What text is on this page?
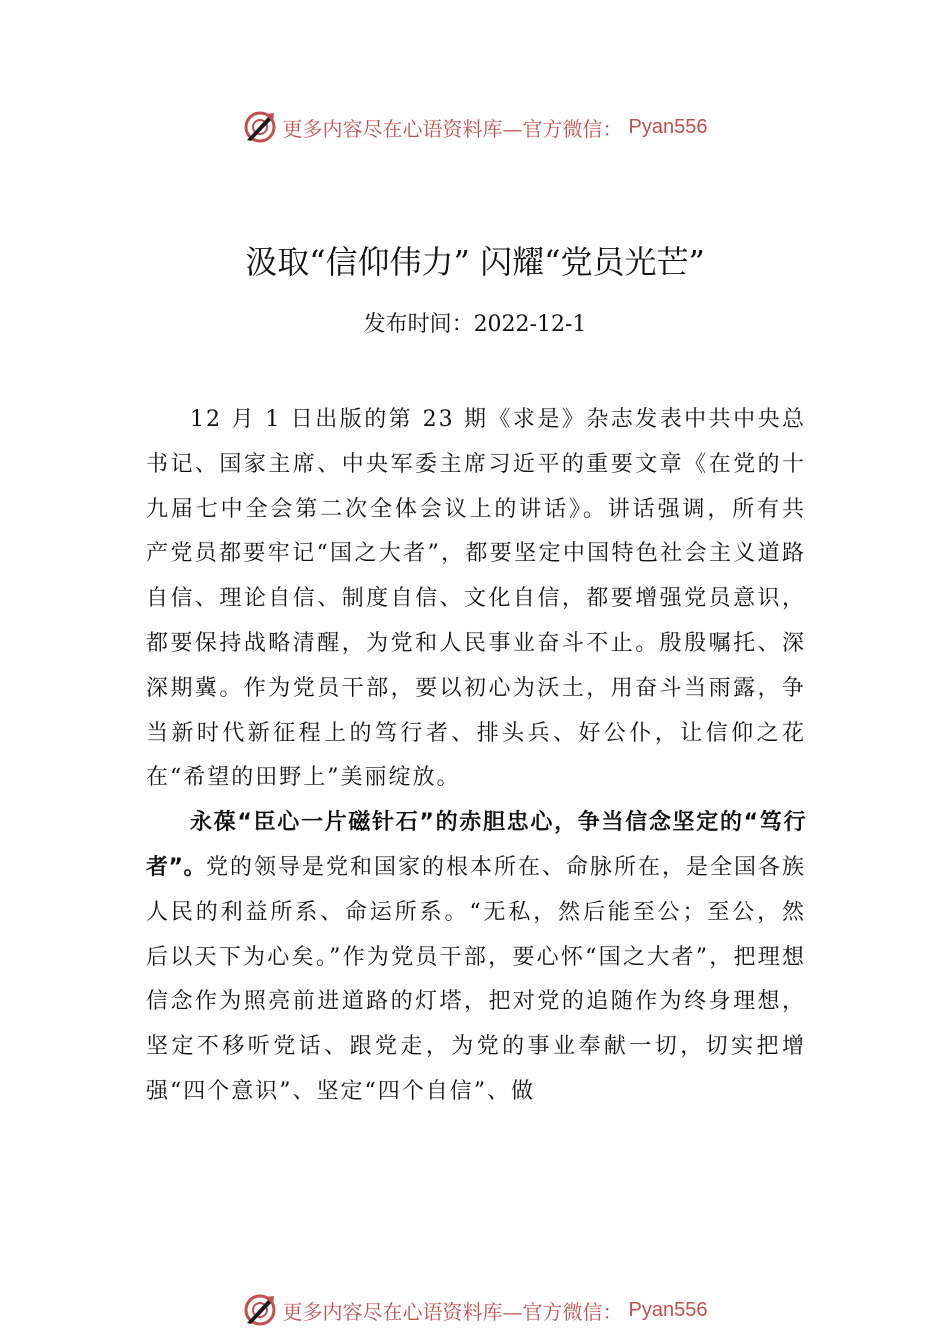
更多内容尽在心语资料库—官方微信： Pyan556
汲取“信仰伟力” 闪耀“党员光芒”
发布时间：2022-12-1

12 月 1 日出版的第 23 期《求是》杂志发表中共中央总书记、国家主席、中央军委主席习近平的重要文章《在党的十九届七中全会第二次全体会议上的讲话》。讲话强调，所有共产党员都要牢记“国之大者”，都要坚定中国特色社会主义道路自信、理论自信、制度自信、文化自信，都要增强党员意识，都要保持战略清醒，为党和人民事业奋斗不止。殷殷嘱托、深深期冀。作为党员干部，要以初心为沃土，用奋斗当雨露，争当新时代新征程上的笃行者、排头兵、好公仆，让信仰之花在“希望的田野上”美丽绽放。

永葆“臣心一片磁针石”的赤胆忠心，争当信念坚定的“笃行者”。党的领导是党和国家的根本所在、命脉所在，是全国各族人民的利益所系、命运所系。“无私，然后能至公；至公，然后以天下为心矣。”作为党员干部，要心怀“国之大者”，把理想信念作为照亮前进道路的灯塔，把对党的追随作为终身理想，坚定不移听党话、跟党走，为党的事业奉献一切，切实把增强“四个意识”、坚定“四个自信”、做

更多内容尽在心语资料库—官方微信： Pyan556
